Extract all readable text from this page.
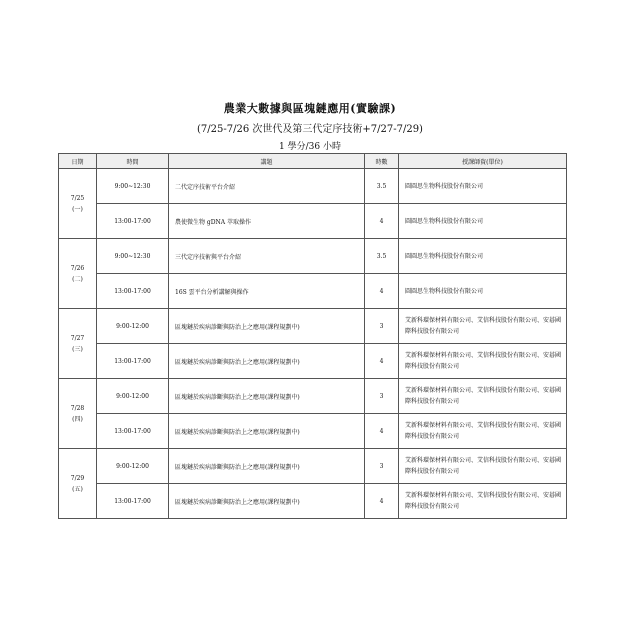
農業大數據與區塊鏈應用(實驗課)
(7/25-7/26 次世代及第三代定序技術+7/27-7/29)
1 學分/36 小時
日期	時間	講題	時數	授課師資(單位)

7/25
(一)	9:00~12:30	二代定序技術平台介紹	3.5	圓圓思生物科技股份有限公司
	13:00-17:00	農使微生物 gDNA 萃取操作	4	圓圓思生物科技股份有限公司

7/26
(二)	9:00~12:30	三代定序技術與平台介紹	3.5	圓圓思生物科技股份有限公司
	13:00-17:00	16S 雲平台分析講解與操作	4	圓圓思生物科技股份有限公司

7/27
(三)	9:00-12:00	區塊鏈於疾病診斷與防治上之應用(課程規劃中)	3	艾新科環保材料有限公司、艾信科技股份有限公司、安碁國際科技股份有限公司
	13:00-17:00	區塊鏈於疾病診斷與防治上之應用(課程規劃中)	4	艾新科環保材料有限公司、艾信科技股份有限公司、安碁國際科技股份有限公司

7/28
(四)	9:00-12:00	區塊鏈於疾病診斷與防治上之應用(課程規劃中)	3	艾新科環保材料有限公司、艾信科技股份有限公司、安碁國際科技股份有限公司
	13:00-17:00	區塊鏈於疾病診斷與防治上之應用(課程規劃中)	4	艾新科環保材料有限公司、艾信科技股份有限公司、安碁國際科技股份有限公司

7/29
(五)	9:00-12:00	區塊鏈於疾病診斷與防治上之應用(課程規劃中)	3	艾新科環保材料有限公司、艾信科技股份有限公司、安碁國際科技股份有限公司
	13:00-17:00	區塊鏈於疾病診斷與防治上之應用(課程規劃中)	4	艾新科環保材料有限公司、艾信科技股份有限公司、安碁國際科技股份有限公司
